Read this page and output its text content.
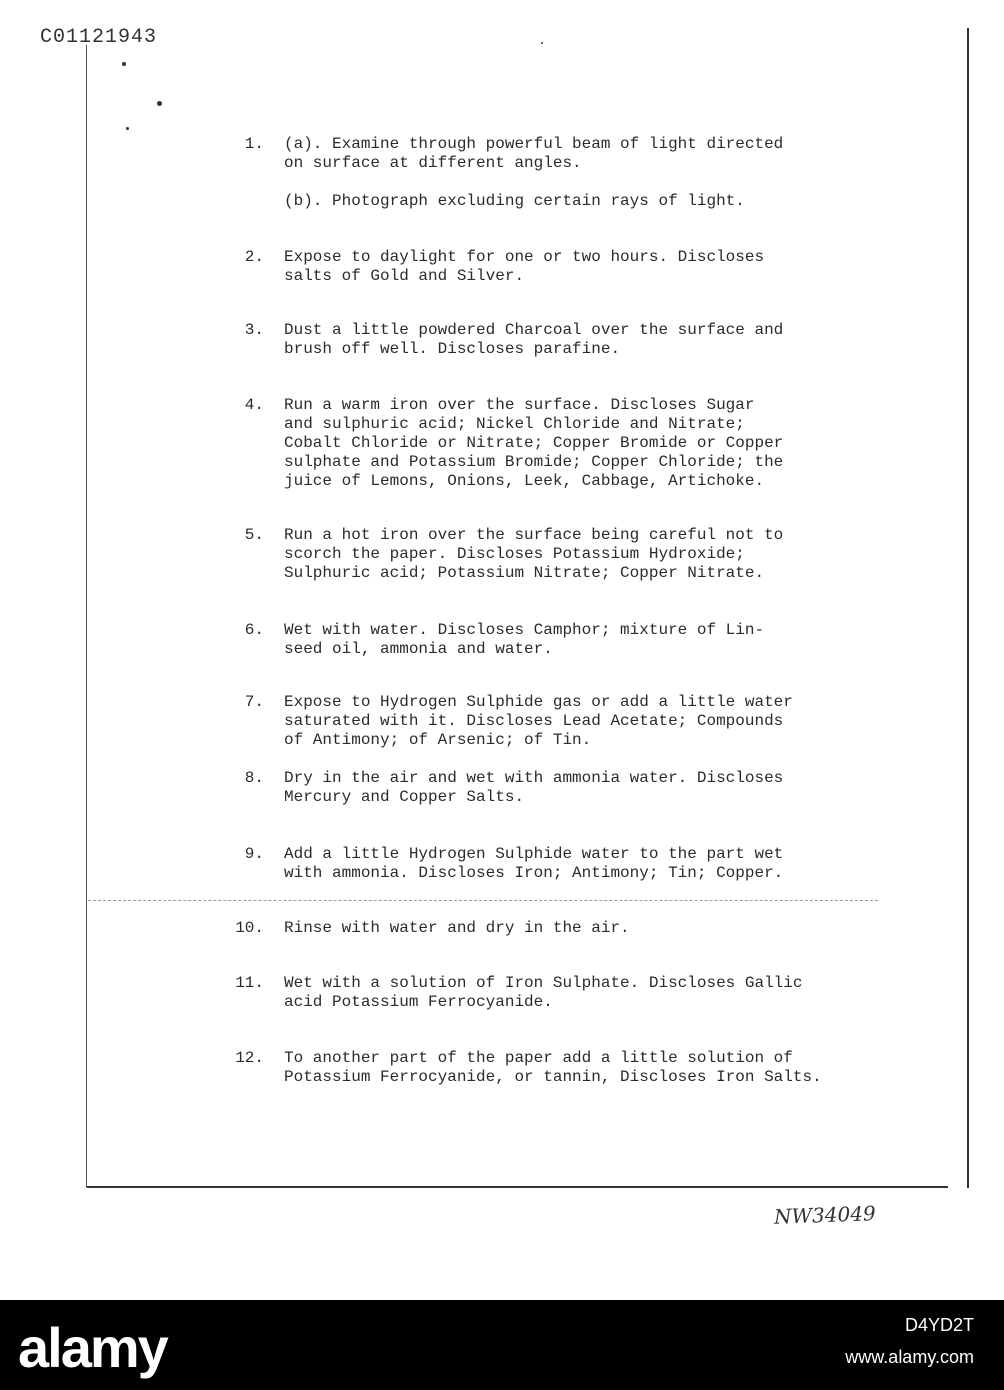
C01121943
1. (a). Examine through powerful beam of light directed
on surface at different angles.
(b). Photograph excluding certain rays of light.
2. Expose to daylight for one or two hours. Discloses
salts of Gold and Silver.
3. Dust a little powdered Charcoal over the surface and
brush off well. Discloses parafine.
4. Run a warm iron over the surface. Discloses Sugar
and sulphuric acid; Nickel Chloride and Nitrate;
Cobalt Chloride or Nitrate; Copper Bromide or Copper
sulphate and Potassium Bromide; Copper Chloride; the
juice of Lemons, Onions, Leek, Cabbage, Artichoke.
5. Run a hot iron over the surface being careful not to
scorch the paper. Discloses Potassium Hydroxide;
Sulphuric acid; Potassium Nitrate; Copper Nitrate.
6. Wet with water. Discloses Camphor; mixture of Lin-
seed oil, ammonia and water.
7. Expose to Hydrogen Sulphide gas or add a little water
saturated with it. Discloses Lead Acetate; Compounds
of Antimony; of Arsenic; of Tin.
8. Dry in the air and wet with ammonia water. Discloses
Mercury and Copper Salts.
9. Add a little Hydrogen Sulphide water to the part wet
with ammonia. Discloses Iron; Antimony; Tin; Copper.
10. Rinse with water and dry in the air.
11. Wet with a solution of Iron Sulphate. Discloses Gallic
acid Potassium Ferrocyanide.
12. To another part of the paper add a little solution of
Potassium Ferrocyanide, or tannin, Discloses Iron Salts.
NW34049
alamy	D4YD2T
www.alamy.com
